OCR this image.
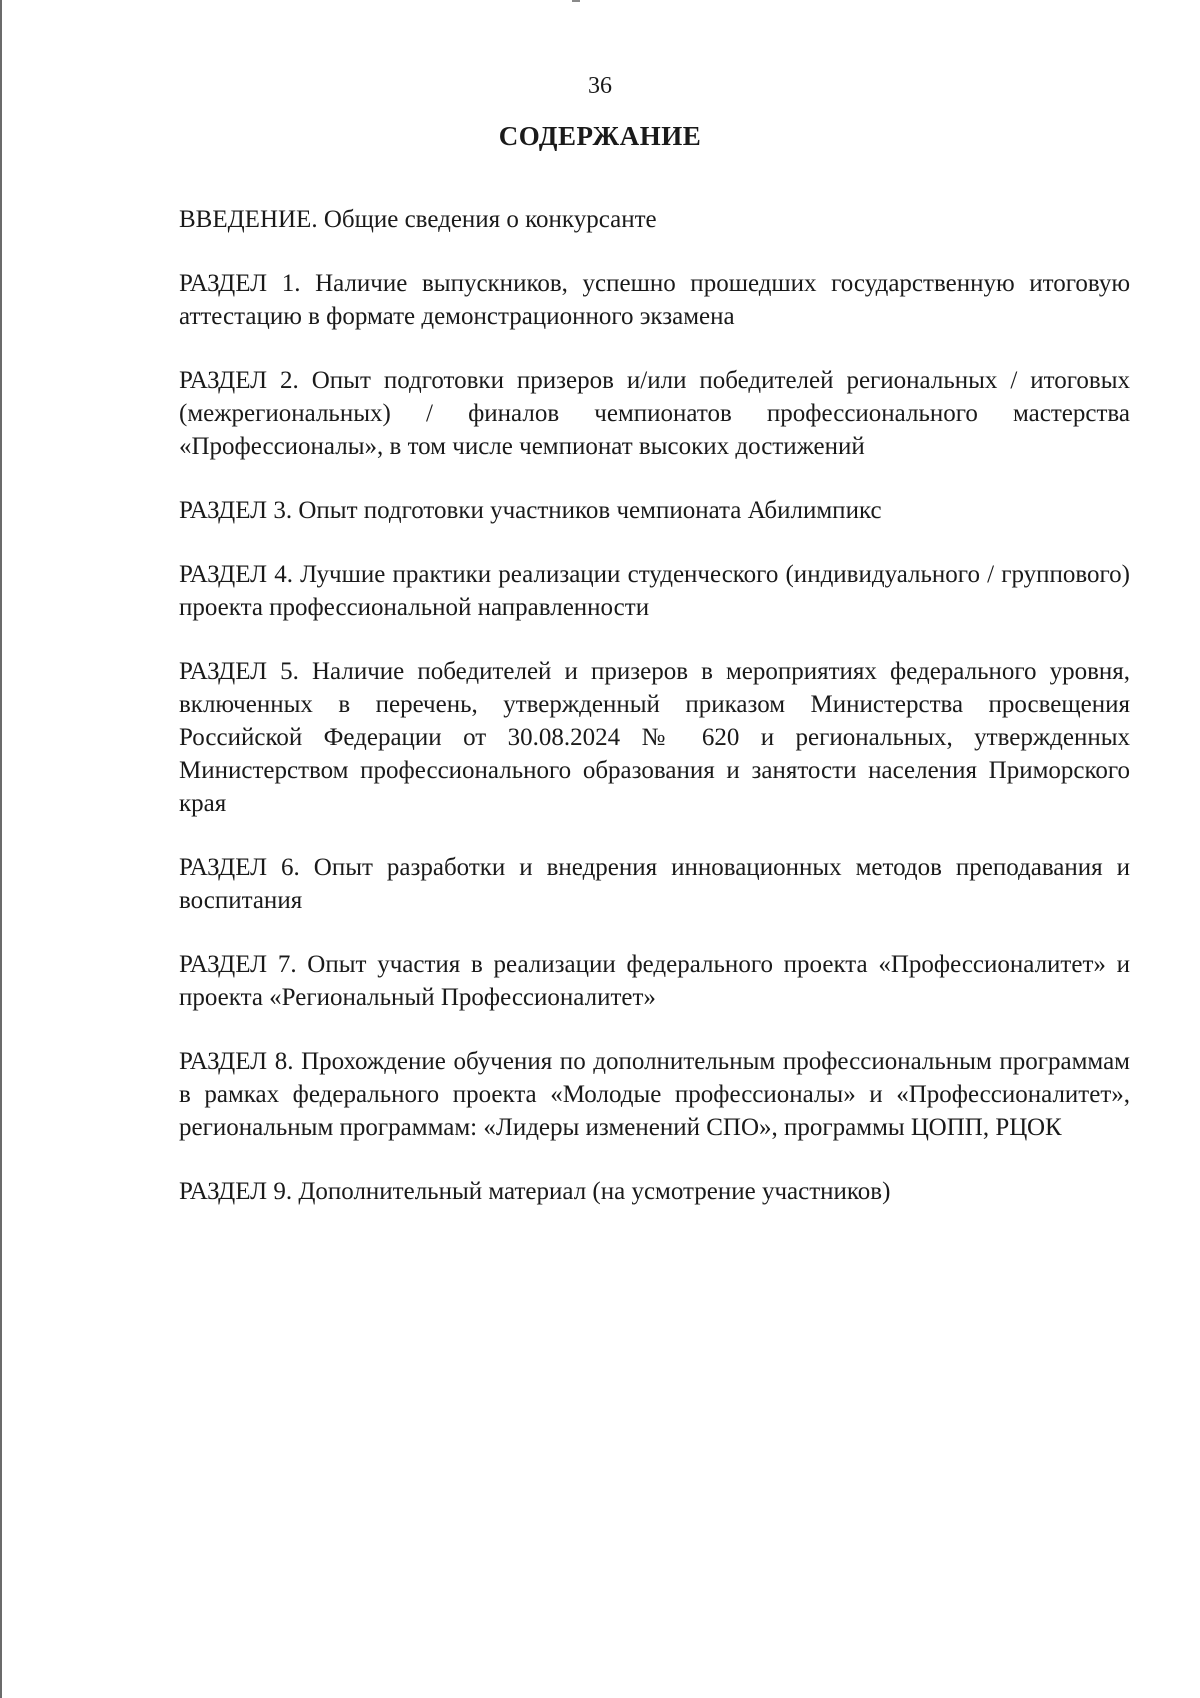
36
СОДЕРЖАНИЕ
ВВЕДЕНИЕ. Общие сведения о конкурсанте
РАЗДЕЛ 1. Наличие выпускников, успешно прошедших государственную итоговую аттестацию в формате демонстрационного экзамена
РАЗДЕЛ 2. Опыт подготовки призеров и/или победителей региональных / итоговых (межрегиональных) / финалов чемпионатов профессионального мастерства «Профессионалы», в том числе чемпионат высоких достижений
РАЗДЕЛ 3. Опыт подготовки участников чемпионата Абилимпикс
РАЗДЕЛ 4. Лучшие практики реализации студенческого (индивидуального / группового) проекта профессиональной направленности
РАЗДЕЛ 5. Наличие победителей и призеров в мероприятиях федерального уровня, включенных в перечень, утвержденный приказом Министерства просвещения Российской Федерации от 30.08.2024 № 620 и региональных, утвержденных Министерством профессионального образования и занятости населения Приморского края
РАЗДЕЛ 6. Опыт разработки и внедрения инновационных методов преподавания и воспитания
РАЗДЕЛ 7. Опыт участия в реализации федерального проекта «Профессионалитет» и проекта «Региональный Профессионалитет»
РАЗДЕЛ 8. Прохождение обучения по дополнительным профессиональным программам в рамках федерального проекта «Молодые профессионалы» и «Профессионалитет», региональным программам: «Лидеры изменений СПО», программы ЦОПП, РЦОК
РАЗДЕЛ 9. Дополнительный материал (на усмотрение участников)
